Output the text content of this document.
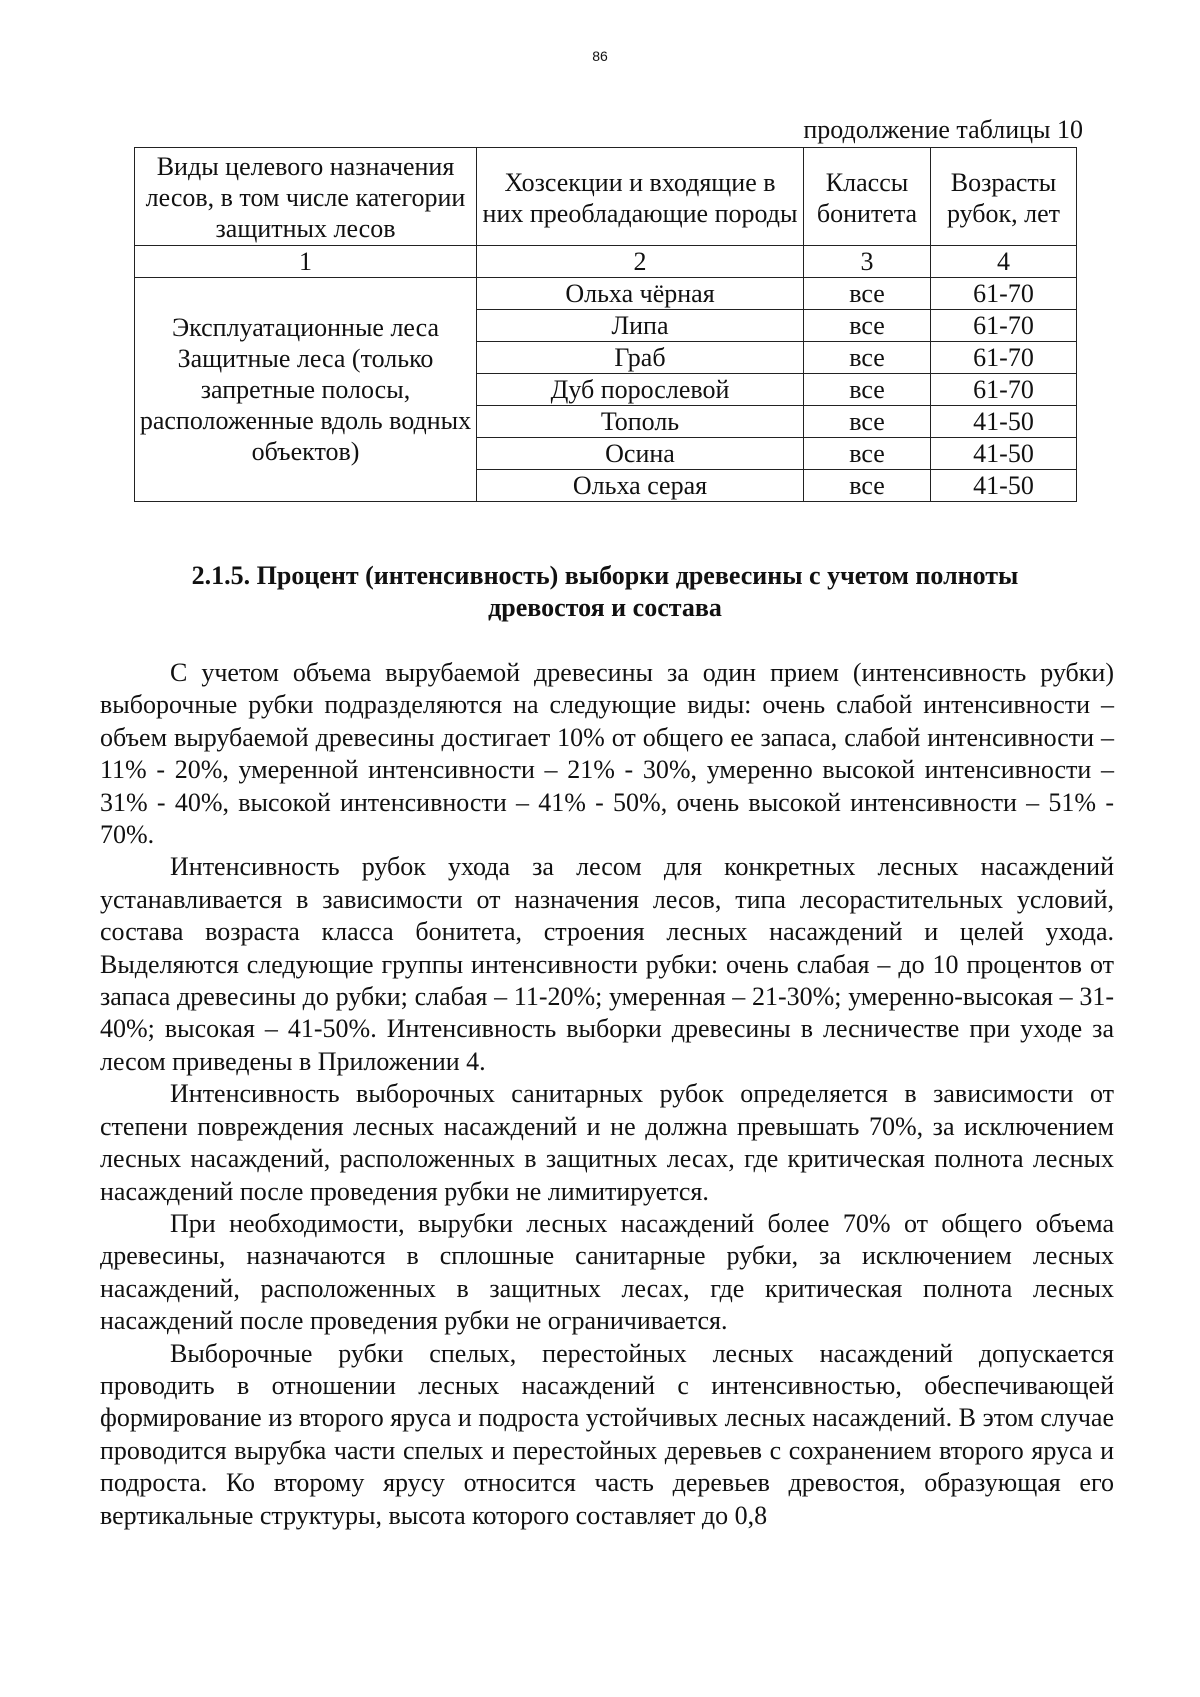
86
продолжение таблицы 10
Виды целевого назначения лесов, в том числе категории защитных лесов	Хозсекции и входящие в них преобладающие породы	Классы бонитета	Возрасты рубок, лет
1	2	3	4
Эксплуатационные леса Защитные леса (только запретные полосы, расположенные вдоль водных объектов)	Ольха чёрная	все	61-70
	Липа	все	61-70
	Граб	все	61-70
	Дуб порослевой	все	61-70
	Тополь	все	41-50
	Осина	все	41-50
	Ольха серая	все	41-50
2.1.5. Процент (интенсивность) выборки древесины с учетом полноты древостоя и состава

С учетом объема вырубаемой древесины за один прием (интенсивность рубки) выборочные рубки подразделяются на следующие виды: очень слабой интенсивности – объем вырубаемой древесины достигает 10% от общего ее запаса, слабой интенсивности – 11% - 20%, умеренной интенсивности – 21% - 30%, умеренно высокой интенсивности – 31% - 40%, высокой интенсивности – 41% - 50%, очень высокой интенсивности – 51% - 70%.

Интенсивность рубок ухода за лесом для конкретных лесных насаждений устанавливается в зависимости от назначения лесов, типа лесорастительных условий, состава возраста класса бонитета, строения лесных насаждений и целей ухода. Выделяются следующие группы интенсивности рубки: очень слабая – до 10 процентов от запаса древесины до рубки; слабая – 11-20%; умеренная – 21-30%; умеренно-высокая – 31-40%; высокая – 41-50%. Интенсивность выборки древесины в лесничестве при уходе за лесом приведены в Приложении 4.

Интенсивность выборочных санитарных рубок определяется в зависимости от степени повреждения лесных насаждений и не должна превышать 70%, за исключением лесных насаждений, расположенных в защитных лесах, где критическая полнота лесных насаждений после проведения рубки не лимитируется.

При необходимости, вырубки лесных насаждений более 70% от общего объема древесины, назначаются в сплошные санитарные рубки, за исключением лесных насаждений, расположенных в защитных лесах, где критическая полнота лесных насаждений после проведения рубки не ограничивается.

Выборочные рубки спелых, перестойных лесных насаждений допускается проводить в отношении лесных насаждений с интенсивностью, обеспечивающей формирование из второго яруса и подроста устойчивых лесных насаждений. В этом случае проводится вырубка части спелых и перестойных деревьев с сохранением второго яруса и подроста. Ко второму ярусу относится часть деревьев древостоя, образующая его вертикальные структуры, высота которого составляет до 0,8
